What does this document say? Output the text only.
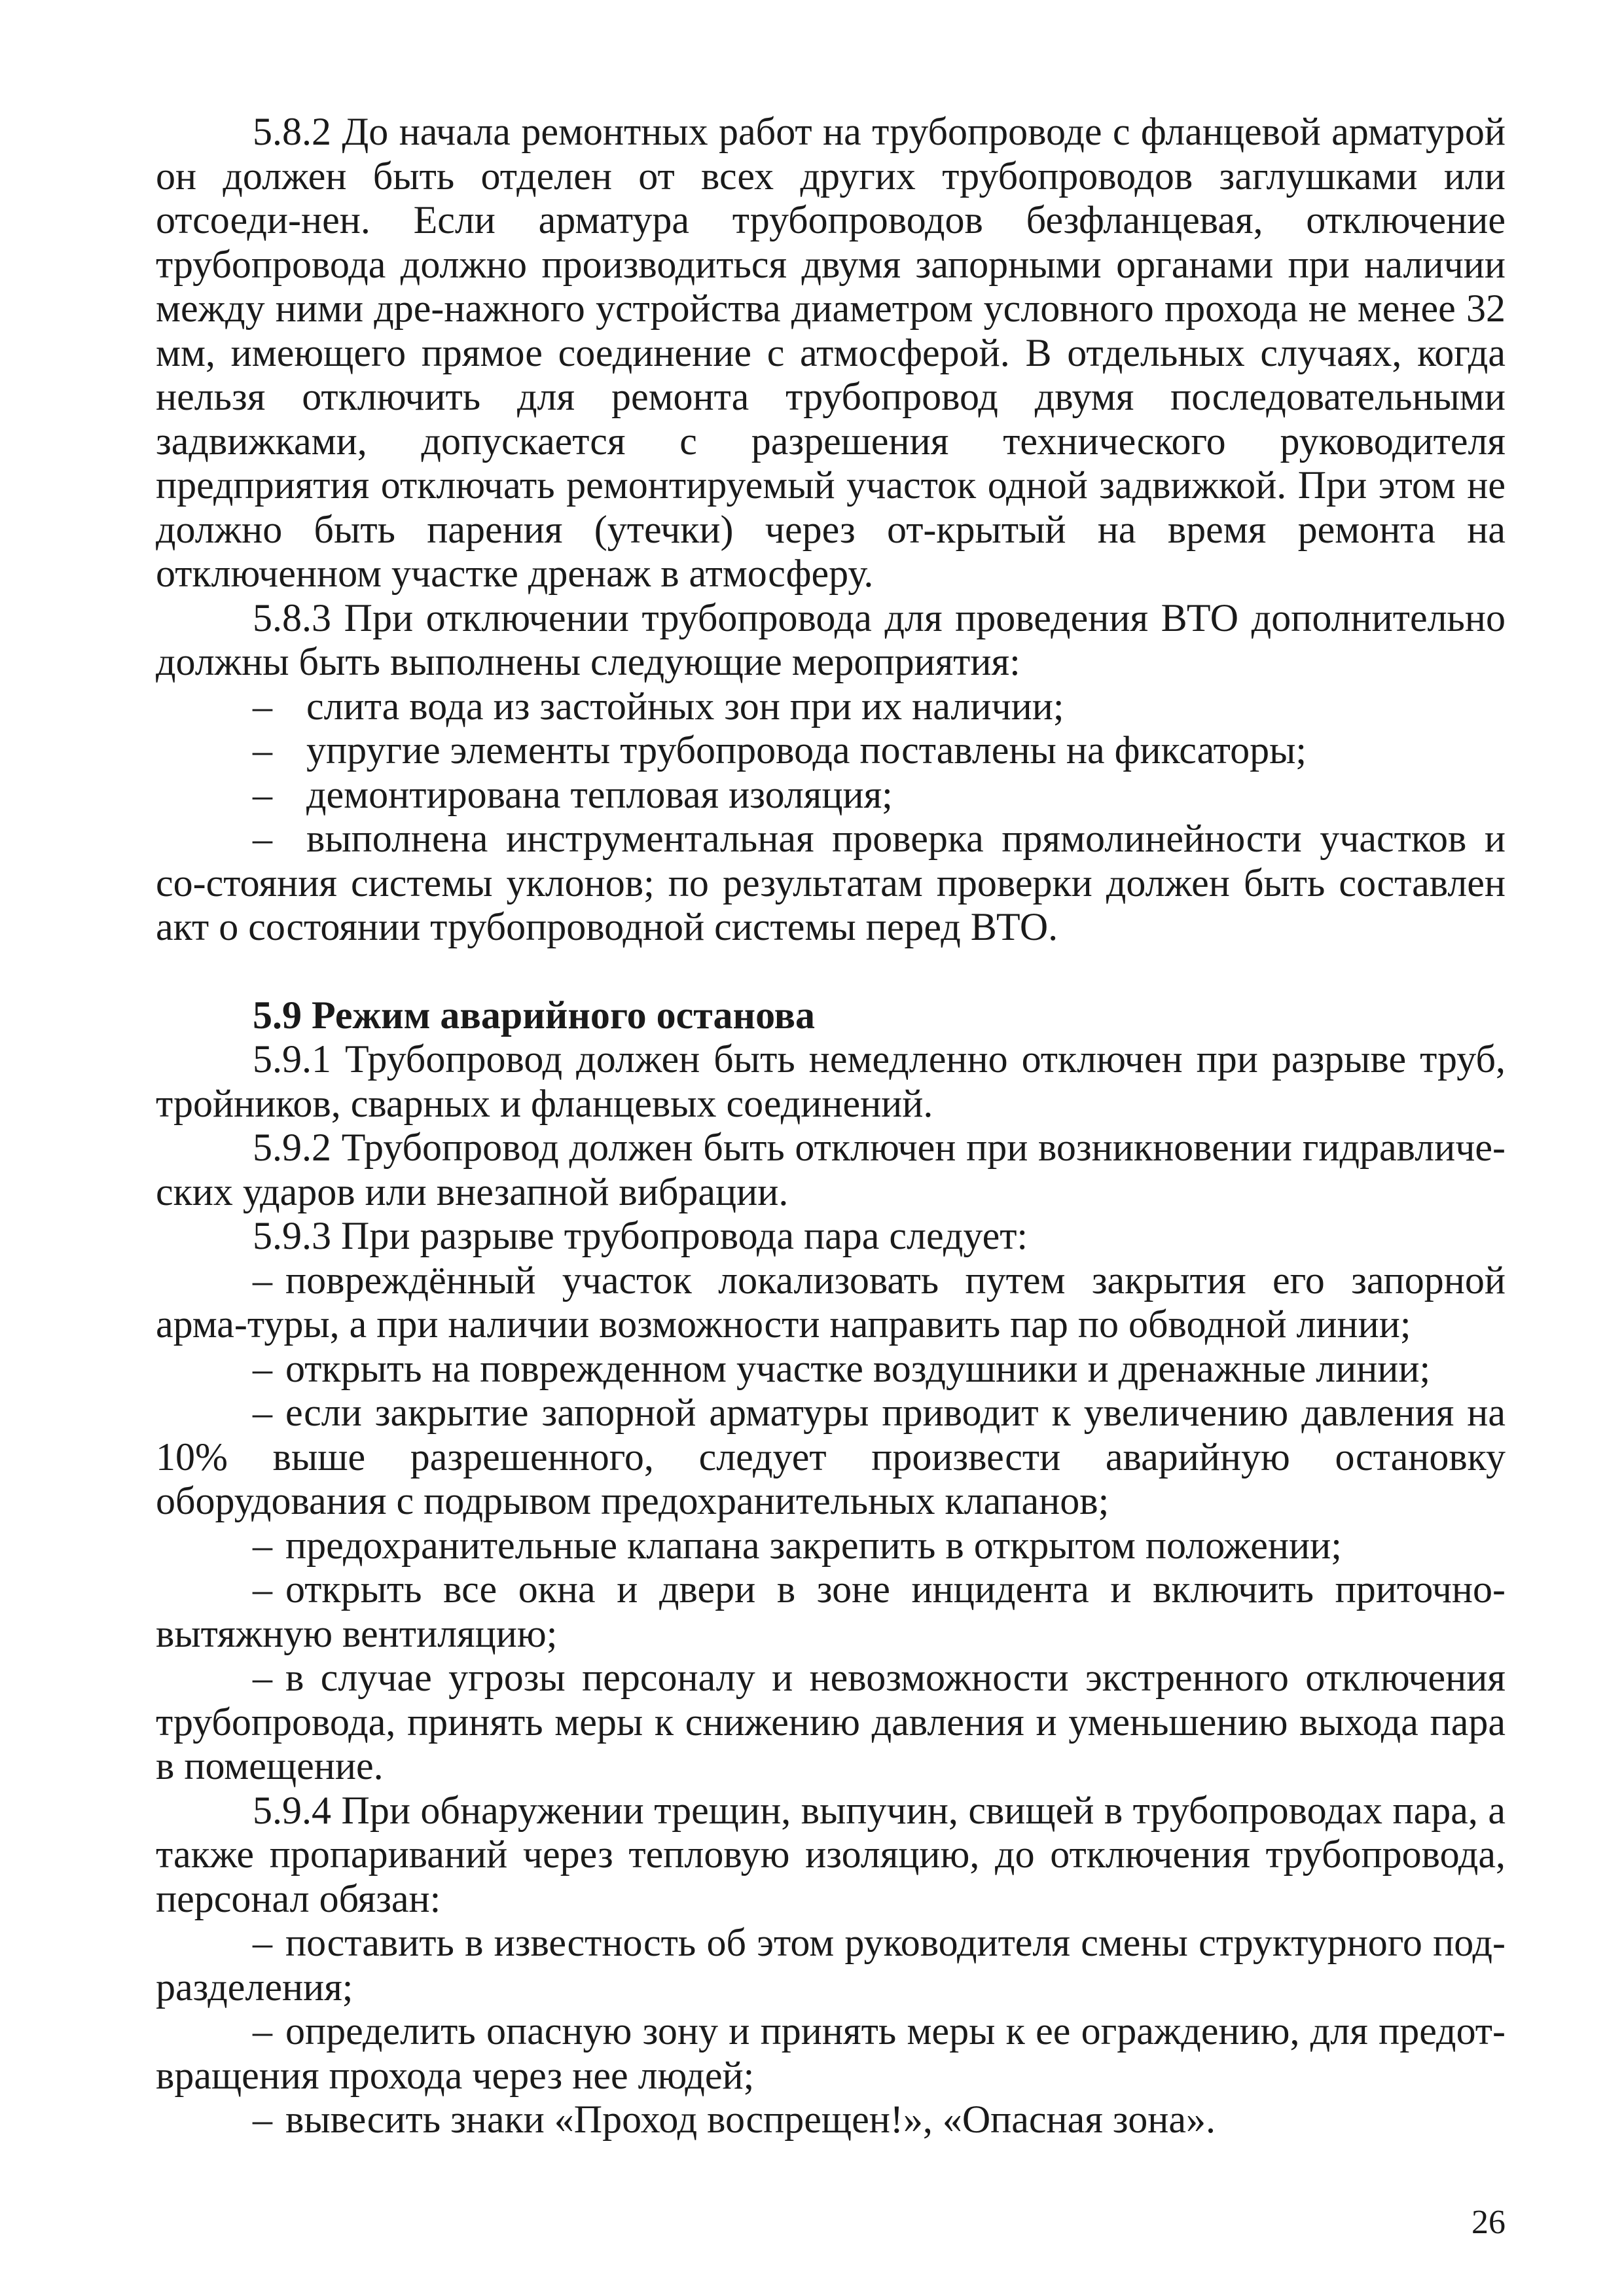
5.8.2 До начала ремонтных работ на трубопроводе с фланцевой арматурой он должен быть отделен от всех других трубопроводов заглушками или отсоеди-нен. Если арматура трубопроводов безфланцевая, отключение трубопровода должно производиться двумя запорными органами при наличии между ними дре-нажного устройства диаметром условного прохода не менее 32 мм, имеющего прямое соединение с атмосферой. В отдельных случаях, когда нельзя отключить для ремонта трубопровод двумя последовательными задвижками, допускается с разрешения технического руководителя предприятия отключать ремонтируемый участок одной задвижкой. При этом не должно быть парения (утечки) через от-крытый на время ремонта на отключенном участке дренаж в атмосферу.

5.8.3 При отключении трубопровода для проведения ВТО дополнительно должны быть выполнены следующие мероприятия:

– слита вода из застойных зон при их наличии;

– упругие элементы трубопровода поставлены на фиксаторы;

– демонтирована тепловая изоляция;

– выполнена инструментальная проверка прямолинейности участков и со-стояния системы уклонов; по результатам проверки должен быть составлен акт о состоянии трубопроводной системы перед ВТО.

5.9 Режим аварийного останова

5.9.1 Трубопровод должен быть немедленно отключен при разрыве труб, тройников, сварных и фланцевых соединений.

5.9.2 Трубопровод должен быть отключен при возникновении гидравличе-ских ударов или внезапной вибрации.

5.9.3 При разрыве трубопровода пара следует:

– повреждённый участок локализовать путем закрытия его запорной арма-туры, а при наличии возможности направить пар по обводной линии;

– открыть на поврежденном участке воздушники и дренажные линии;

– если закрытие запорной арматуры приводит к увеличению давления на 10% выше разрешенного, следует произвести аварийную остановку оборудования с подрывом предохранительных клапанов;

– предохранительные клапана закрепить в открытом положении;

– открыть все окна и двери в зоне инцидента и включить приточно-вытяжную вентиляцию;

– в случае угрозы персоналу и невозможности экстренного отключения трубопровода, принять меры к снижению давления и уменьшению выхода пара в помещение.

5.9.4 При обнаружении трещин, выпучин, свищей в трубопроводах пара, а также пропариваний через тепловую изоляцию, до отключения трубопровода, персонал обязан:

– поставить в известность об этом руководителя смены структурного под-разделения;

– определить опасную зону и принять меры к ее ограждению, для предот-вращения прохода через нее людей;

– вывесить знаки «Проход воспрещен!», «Опасная зона».

26
